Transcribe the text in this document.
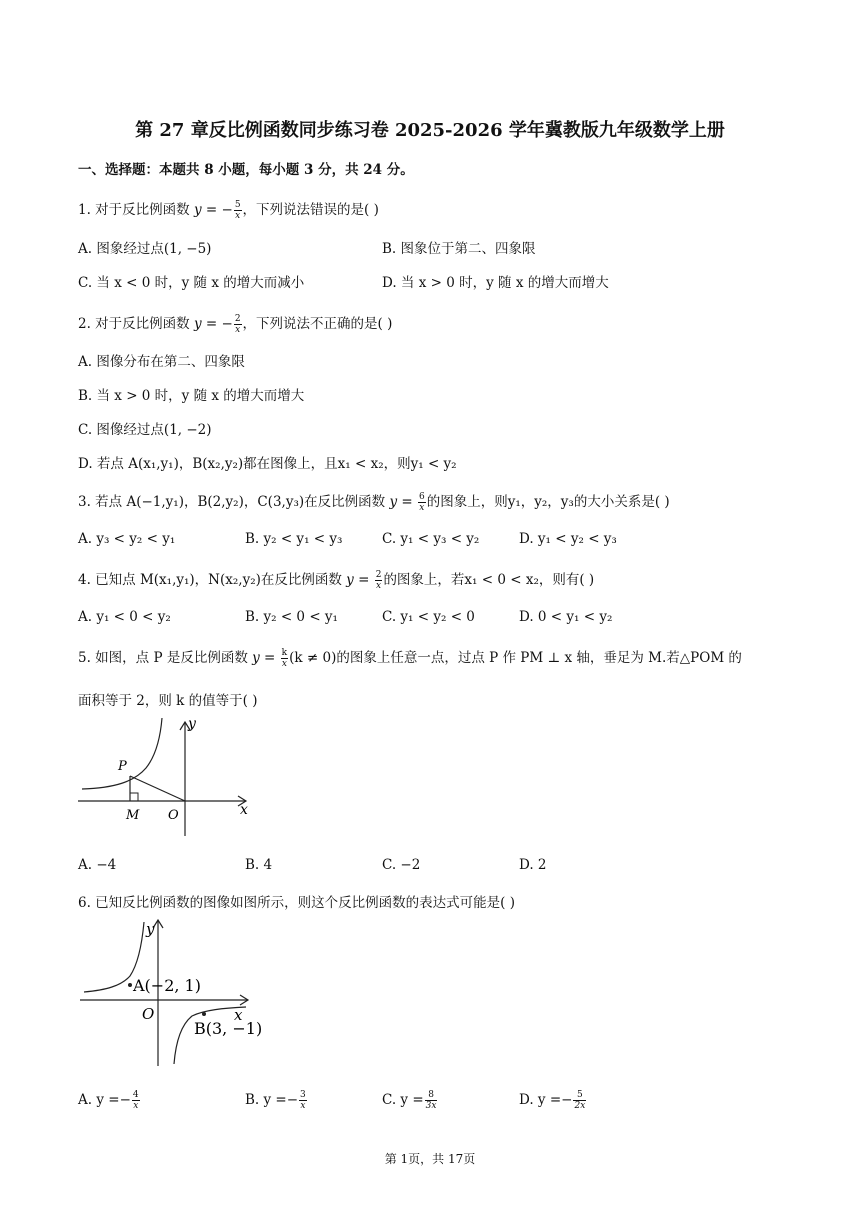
第 27 章反比例函数同步练习卷 2025-2026 学年冀教版九年级数学上册
一、选择题：本题共 8 小题，每小题 3 分，共 24 分。
1. 对于反比例函数 y = − $\frac{5}{x}$ ，下列说法错误的是( )
A. 图象经过点(1, −5)	B. 图象位于第二、四象限
C. 当 x < 0 时，y 随 x 的增大而减小	D. 当 x > 0 时，y 随 x 的增大而增大
2. 对于反比例函数 y = − $\frac{2}{x}$ ，下列说法不正确的是( )
A. 图像分布在第二、四象限
B. 当 x > 0 时，y 随 x 的增大而增大
C. 图像经过点(1, −2)
D. 若点 A(x₁,y₁)，B(x₂,y₂)都在图像上，且x₁ < x₂，则y₁ < y₂
3. 若点 A(−1,y₁)，B(2,y₂)，C(3,y₃)在反比例函数 $y = \frac{6}{x}$ 的图象上，则y₁，y₂，y₃的大小关系是( )
A. y₃ < y₂ < y₁	B. y₂ < y₁ < y₃	C. y₁ < y₃ < y₂	D. y₁ < y₂ < y₃
4. 已知点 M(x₁,y₁)，N(x₂,y₂)在反比例函数 $y = \frac{2}{x}$ 的图象上，若x₁ < 0 < x₂，则有( )
A. y₁ < 0 < y₂	B. y₂ < 0 < y₁	C. y₁ < y₂ < 0	D. 0 < y₁ < y₂
5. 如图，点 P 是反比例函数 $y = \frac{k}{x} (k \ne 0)$的图象上任意一点，过点 P 作 PM ⊥ x 轴，垂足为 M.若△POM 的
面积等于 2，则 k 的值等于( )
y
x
P
M O
A. −4	B. 4	C. −2	D. 2
6. 已知反比例函数的图像如图所示，则这个反比例函数的表达式可能是( )
y
x
O
A(−2, 1)
B(3, −1)
A. $y =- \frac{4}{x}$	B. $y =- \frac{3}{x}$	C. $y = \frac{8}{3x}$	D. $y =- \frac{5}{2x}$
第 1页，共 17页
